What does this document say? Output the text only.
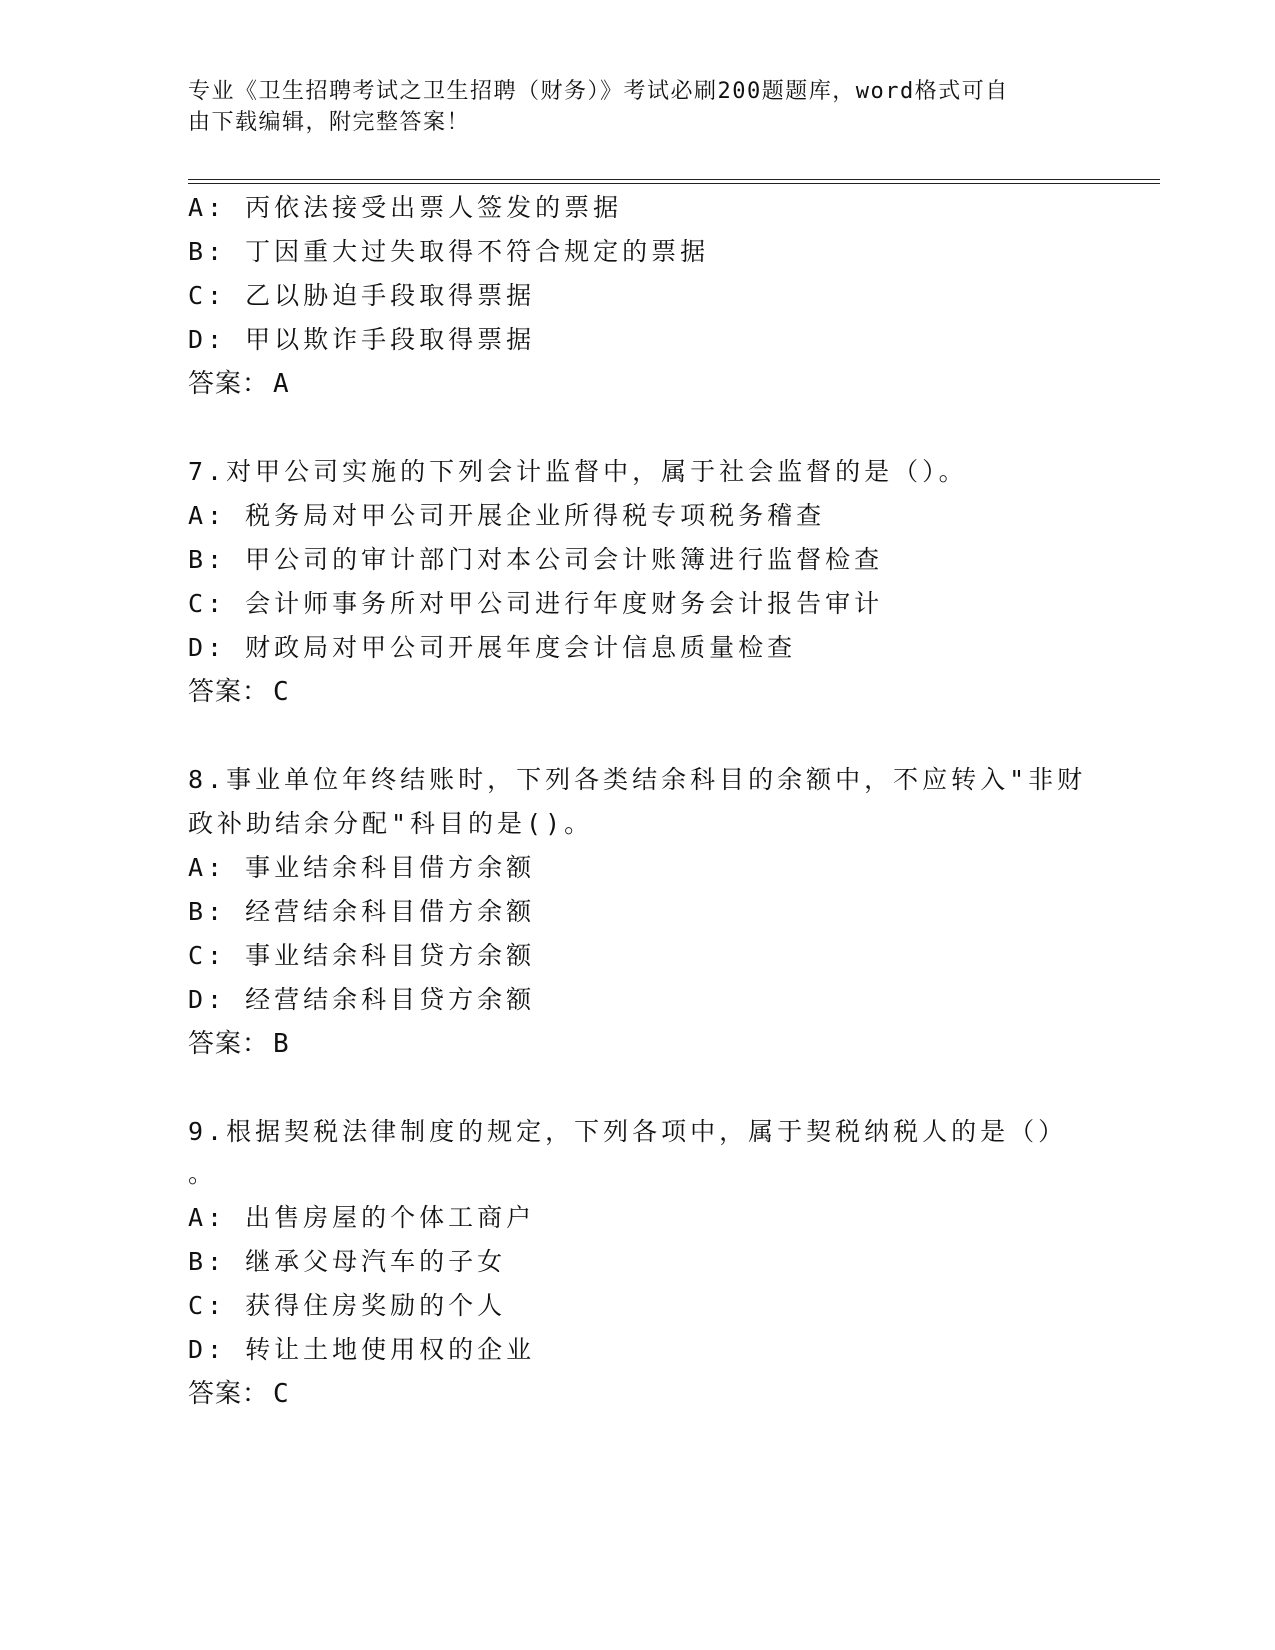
专业《卫生招聘考试之卫生招聘（财务）》考试必刷200题题库，word格式可自
由下载编辑，附完整答案！
A: 丙依法接受出票人签发的票据
B: 丁因重大过失取得不符合规定的票据
C: 乙以胁迫手段取得票据
D: 甲以欺诈手段取得票据
答案： A
7.对甲公司实施的下列会计监督中，属于社会监督的是（）。
A: 税务局对甲公司开展企业所得税专项税务稽查
B: 甲公司的审计部门对本公司会计账簿进行监督检查
C: 会计师事务所对甲公司进行年度财务会计报告审计
D: 财政局对甲公司开展年度会计信息质量检查
答案： C
8.事业单位年终结账时，下列各类结余科目的余额中，不应转入"非财
政补助结余分配"科目的是()。
A: 事业结余科目借方余额
B: 经营结余科目借方余额
C: 事业结余科目贷方余额
D: 经营结余科目贷方余额
答案： B
9.根据契税法律制度的规定，下列各项中，属于契税纳税人的是（）
。
A: 出售房屋的个体工商户
B: 继承父母汽车的子女
C: 获得住房奖励的个人
D: 转让土地使用权的企业
答案： C
